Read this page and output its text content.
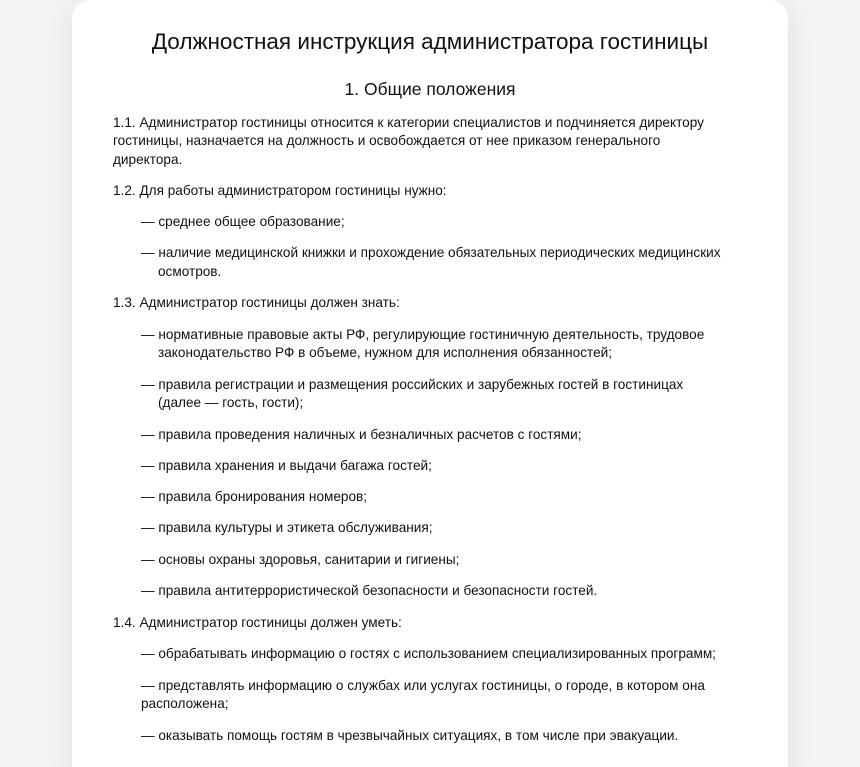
Должностная инструкция администратора гостиницы
1. Общие положения
1.1. Администратор гостиницы относится к категории специалистов и подчиняется директору
гостиницы, назначается на должность и освобождается от нее приказом генерального
директора.
1.2. Для работы администратором гостиницы нужно:
— среднее общее образование;
— наличие медицинской книжки и прохождение обязательных периодических медицинских
осмотров.
1.3. Администратор гостиницы должен знать:
— нормативные правовые акты РФ, регулирующие гостиничную деятельность, трудовое
законодательство РФ в объеме, нужном для исполнения обязанностей;
— правила регистрации и размещения российских и зарубежных гостей в гостиницах
(далее — гость, гости);
— правила проведения наличных и безналичных расчетов с гостями;
— правила хранения и выдачи багажа гостей;
— правила бронирования номеров;
— правила культуры и этикета обслуживания;
— основы охраны здоровья, санитарии и гигиены;
— правила антитеррористической безопасности и безопасности гостей.
1.4. Администратор гостиницы должен уметь:
— обрабатывать информацию о гостях с использованием специализированных программ;
— представлять информацию о службах или услугах гостиницы, о городе, в котором она
расположена;
— оказывать помощь гостям в чрезвычайных ситуациях, в том числе при эвакуации.
